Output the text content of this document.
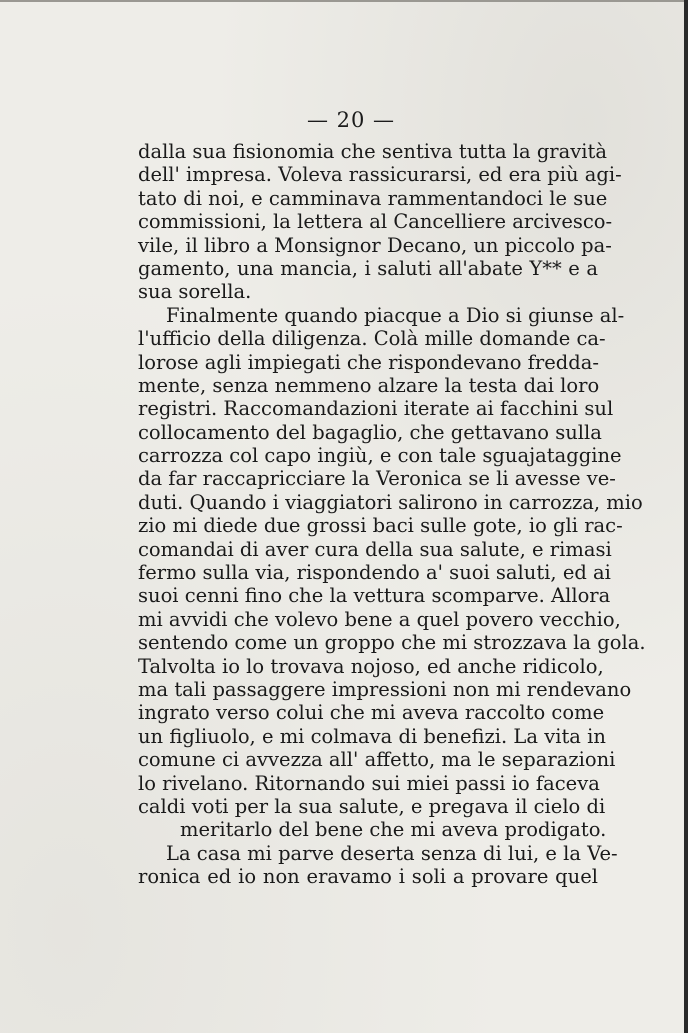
— 20 —
dalla sua fisionomia che sentiva tutta la gravità
dell' impresa. Voleva rassicurarsi, ed era più agi-
tato di noi, e camminava rammentandoci le sue
commissioni, la lettera al Cancelliere arcivesco-
vile, il libro a Monsignor Decano, un piccolo pa-
gamento, una mancia, i saluti all'abate Y** e a
sua sorella.
Finalmente quando piacque a Dio si giunse al-
l'ufficio della diligenza. Colà mille domande ca-
lorose agli impiegati che rispondevano fredda-
mente, senza nemmeno alzare la testa dai loro
registri. Raccomandazioni iterate ai facchini sul
collocamento del bagaglio, che gettavano sulla
carrozza col capo ingiù, e con tale sguajataggine
da far raccapricciare la Veronica se li avesse ve-
duti. Quando i viaggiatori salirono in carrozza, mio
zio mi diede due grossi baci sulle gote, io gli rac-
comandai di aver cura della sua salute, e rimasi
fermo sulla via, rispondendo a' suoi saluti, ed ai
suoi cenni fino che la vettura scomparve. Allora
mi avvidi che volevo bene a quel povero vecchio,
sentendo come un groppo che mi strozzava la gola.
Talvolta io lo trovava nojoso, ed anche ridicolo,
ma tali passaggere impressioni non mi rendevano
ingrato verso colui che mi aveva raccolto come
un figliuolo, e mi colmava di benefizi. La vita in
comune ci avvezza all' affetto, ma le separazioni
lo rivelano. Ritornando sui miei passi io faceva
caldi voti per la sua salute, e pregava il cielo di
meritarlo del bene che mi aveva prodigato.
La casa mi parve deserta senza di lui, e la Ve-
ronica ed io non eravamo i soli a provare quel
